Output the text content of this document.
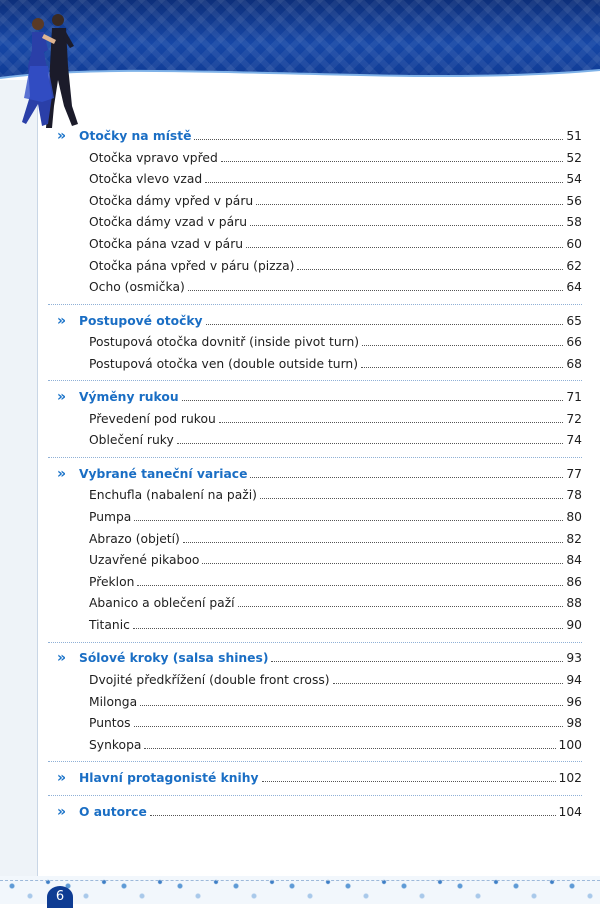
» Otočky na místě	51
Otočka vpravo vpřed	52
Otočka vlevo vzad	54
Otočka dámy vpřed v páru	56
Otočka dámy vzad v páru	58
Otočka pána vzad v páru	60
Otočka pána vpřed v páru (pizza)	62
Ocho (osmička)	64
» Postupové otočky	65
Postupová otočka dovnitř (inside pivot turn)	66
Postupová otočka ven (double outside turn)	68
» Výměny rukou	71
Převedení pod rukou	72
Oblečení ruky	74
» Vybrané taneční variace	77
Enchufla (nabalení na paži)	78
Pumpa	80
Abrazo (objetí)	82
Uzavřené pikaboo	84
Překlon	86
Abanico a oblečení paží	88
Titanic	90
» Sólové kroky (salsa shines)	93
Dvojité předkřížení (double front cross)	94
Milonga	96
Puntos	98
Synkopa	100
» Hlavní protagonisté knihy	102
» O autorce	104
6
